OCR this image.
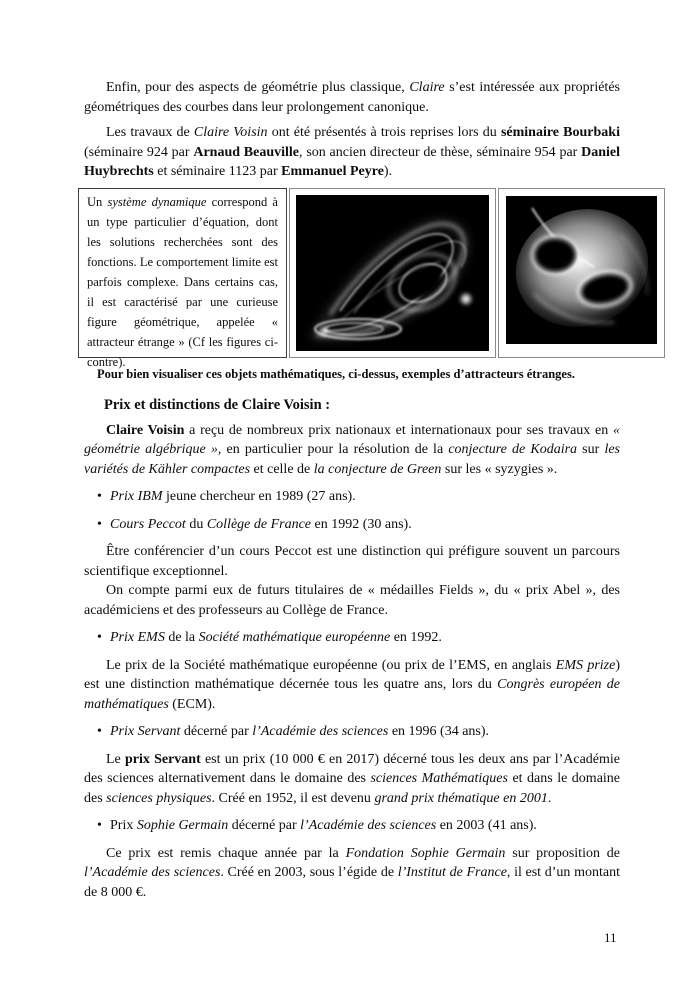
Enfin, pour des aspects de géométrie plus classique, Claire s’est intéressée aux propriétés géométriques des courbes dans leur prolongement canonique.

Les travaux de Claire Voisin ont été présentés à trois reprises lors du séminaire Bourbaki (séminaire 924 par Arnaud Beauville, son ancien directeur de thèse, séminaire 954 par Daniel Huybrechts et séminaire 1123 par Emmanuel Peyre).

Un système dynamique correspond à un type particulier d’équation, dont les solutions recherchées sont des fonctions. Le comportement limite est parfois complexe. Dans certains cas, il est caractérisé par une curieuse figure géométrique, appelée « attracteur étrange » (Cf les figures ci-contre).
Pour bien visualiser ces objets mathématiques, ci-dessus, exemples d’attracteurs étranges.
Prix et distinctions de Claire Voisin :

Claire Voisin a reçu de nombreux prix nationaux et internationaux pour ses travaux en « géométrie algébrique », en particulier pour la résolution de la conjecture de Kodaira sur les variétés de Kähler compactes et celle de la conjecture de Green sur les « syzygies ».

• Prix IBM jeune chercheur en 1989 (27 ans).
• Cours Peccot du Collège de France en 1992 (30 ans).

Être conférencier d’un cours Peccot est une distinction qui préfigure souvent un parcours scientifique exceptionnel.

On compte parmi eux de futurs titulaires de « médailles Fields », du « prix Abel », des académiciens et des professeurs au Collège de France.

• Prix EMS de la Société mathématique européenne en 1992.

Le prix de la Société mathématique européenne (ou prix de l’EMS, en anglais EMS prize) est une distinction mathématique décernée tous les quatre ans, lors du Congrès européen de mathématiques (ECM).

• Prix Servant décerné par l’Académie des sciences en 1996 (34 ans).

Le prix Servant est un prix (10 000 € en 2017) décerné tous les deux ans par l’Académie des sciences alternativement dans le domaine des sciences Mathématiques et dans le domaine des sciences physiques. Créé en 1952, il est devenu grand prix thématique en 2001.

• Prix Sophie Germain décerné par l’Académie des sciences en 2003 (41 ans).

Ce prix est remis chaque année par la Fondation Sophie Germain sur proposition de l’Académie des sciences. Créé en 2003, sous l’égide de l’Institut de France, il est d’un montant de 8 000 €.

11
